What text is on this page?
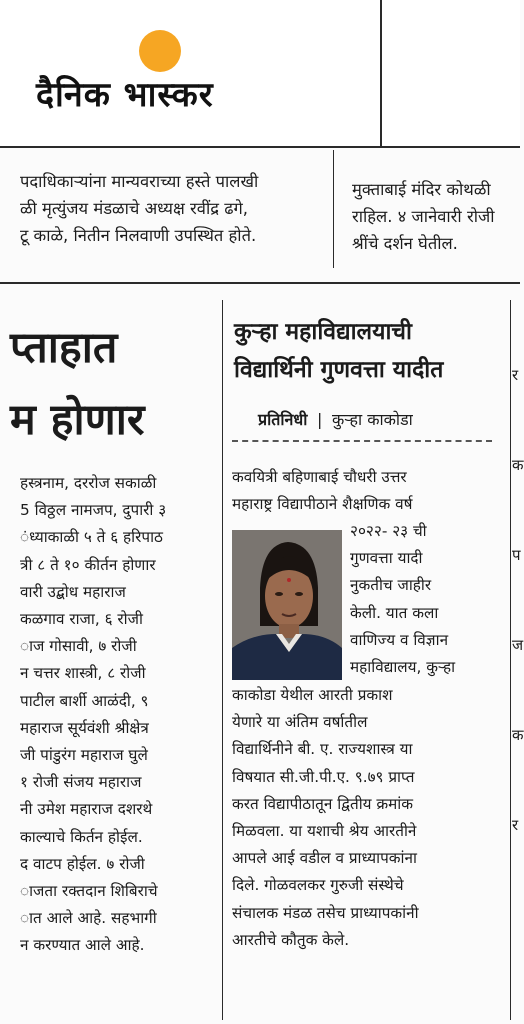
दैनिक भास्कर
पदाधिकाऱ्यांना मान्यवराच्या हस्ते पालखी
ळी मृत्युंजय मंडळाचे अध्यक्ष रवींद्र ढगे,
टू काळे, नितीन निलवाणी उपस्थित होते.
मुक्ताबाई मंदिर कोथळी
राहिल. ४ जानेवारी रोजी
श्रींचे दर्शन घेतील.
प्ताहात
म होणार
हस्त्रनाम, दररोज सकाळी
5 विठ्ठल नामजप, दुपारी ३
ंध्याकाळी ५ ते ६ हरिपाठ
त्री ८ ते १० कीर्तन होणार
वारी उद्बोध महाराज
कळगाव राजा, ६ रोजी
ाज गोसावी, ७ रोजी
न चत्तर शास्त्री, ८ रोजी
पाटील बार्शी आळंदी, ९
महाराज सूर्यवंशी श्रीक्षेत्र
जी पांडुरंग महाराज घुले
१ रोजी संजय महाराज
नी उमेश महाराज दशरथे
काल्याचे किर्तन होईल.
द वाटप होईल. ७ रोजी
ाजता रक्तदान शिबिराचे
ात आले आहे. सहभागी
न करण्यात आले आहे.
कुऱ्हा महाविद्यालयाची
विद्यार्थिनी गुणवत्ता यादीत
प्रतिनिधी | कुऱ्हा काकोडा
कवयित्री बहिणाबाई चौधरी उत्तर
महाराष्ट्र विद्यापीठाने शैक्षणिक वर्ष
२०२२- २३ ची
गुणवत्ता यादी
नुकतीच जाहीर
केली. यात कला
वाणिज्य व विज्ञान
महाविद्यालय, कुऱ्हा
काकोडा येथील आरती प्रकाश
येणारे या अंतिम वर्षातील
विद्यार्थिनीने बी. ए. राज्यशास्त्र या
विषयात सी.जी.पी.ए. ९.७९ प्राप्त
करत विद्यापीठातून द्वितीय क्रमांक
मिळवला. या यशाची श्रेय आरतीने
आपले आई वडील व प्राध्यापकांना
दिले. गोळवलकर गुरुजी संस्थेचे
संचालक मंडळ तसेच प्राध्यापकांनी
आरतीचे कौतुक केले.
र
क
प
ज
क
र
